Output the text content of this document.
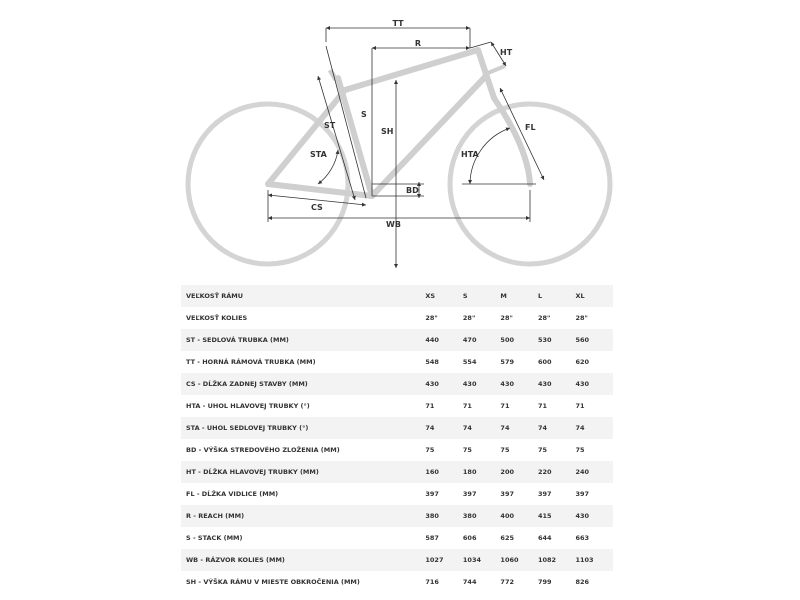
TT
R
HT
ST
S
SH	FL
STA	HTA
BD
CS
WB
VEĽKOSŤ RÁMU	XS	S	M	L	XL
VEĽKOSŤ KOLIES	28"	28"	28"	28"	28"
ST - SEDLOVÁ TRUBKA (MM)	440	470	500	530	560
TT - HORNÁ RÁMOVÁ TRUBKA (MM)	548	554	579	600	620
CS - DĹŽKA ZADNEJ STAVBY (MM)	430	430	430	430	430
HTA - UHOL HLAVOVEJ TRUBKY (°)	71	71	71	71	71
STA - UHOL SEDLOVEJ TRUBKY (°)	74	74	74	74	74
BD - VÝŠKA STREDOVÉHO ZLOŽENIA (MM)	75	75	75	75	75
HT - DĹŽKA HLAVOVEJ TRUBKY (MM)	160	180	200	220	240
FL - DĹŽKA VIDLICE (MM)	397	397	397	397	397
R - REACH (MM)	380	380	400	415	430
S - STACK (MM)	587	606	625	644	663
WB - RÁZVOR KOLIES (MM)	1027	1034	1060	1082	1103
SH - VÝŠKA RÁMU V MIESTE OBKROČENIA (MM)	716	744	772	799	826
